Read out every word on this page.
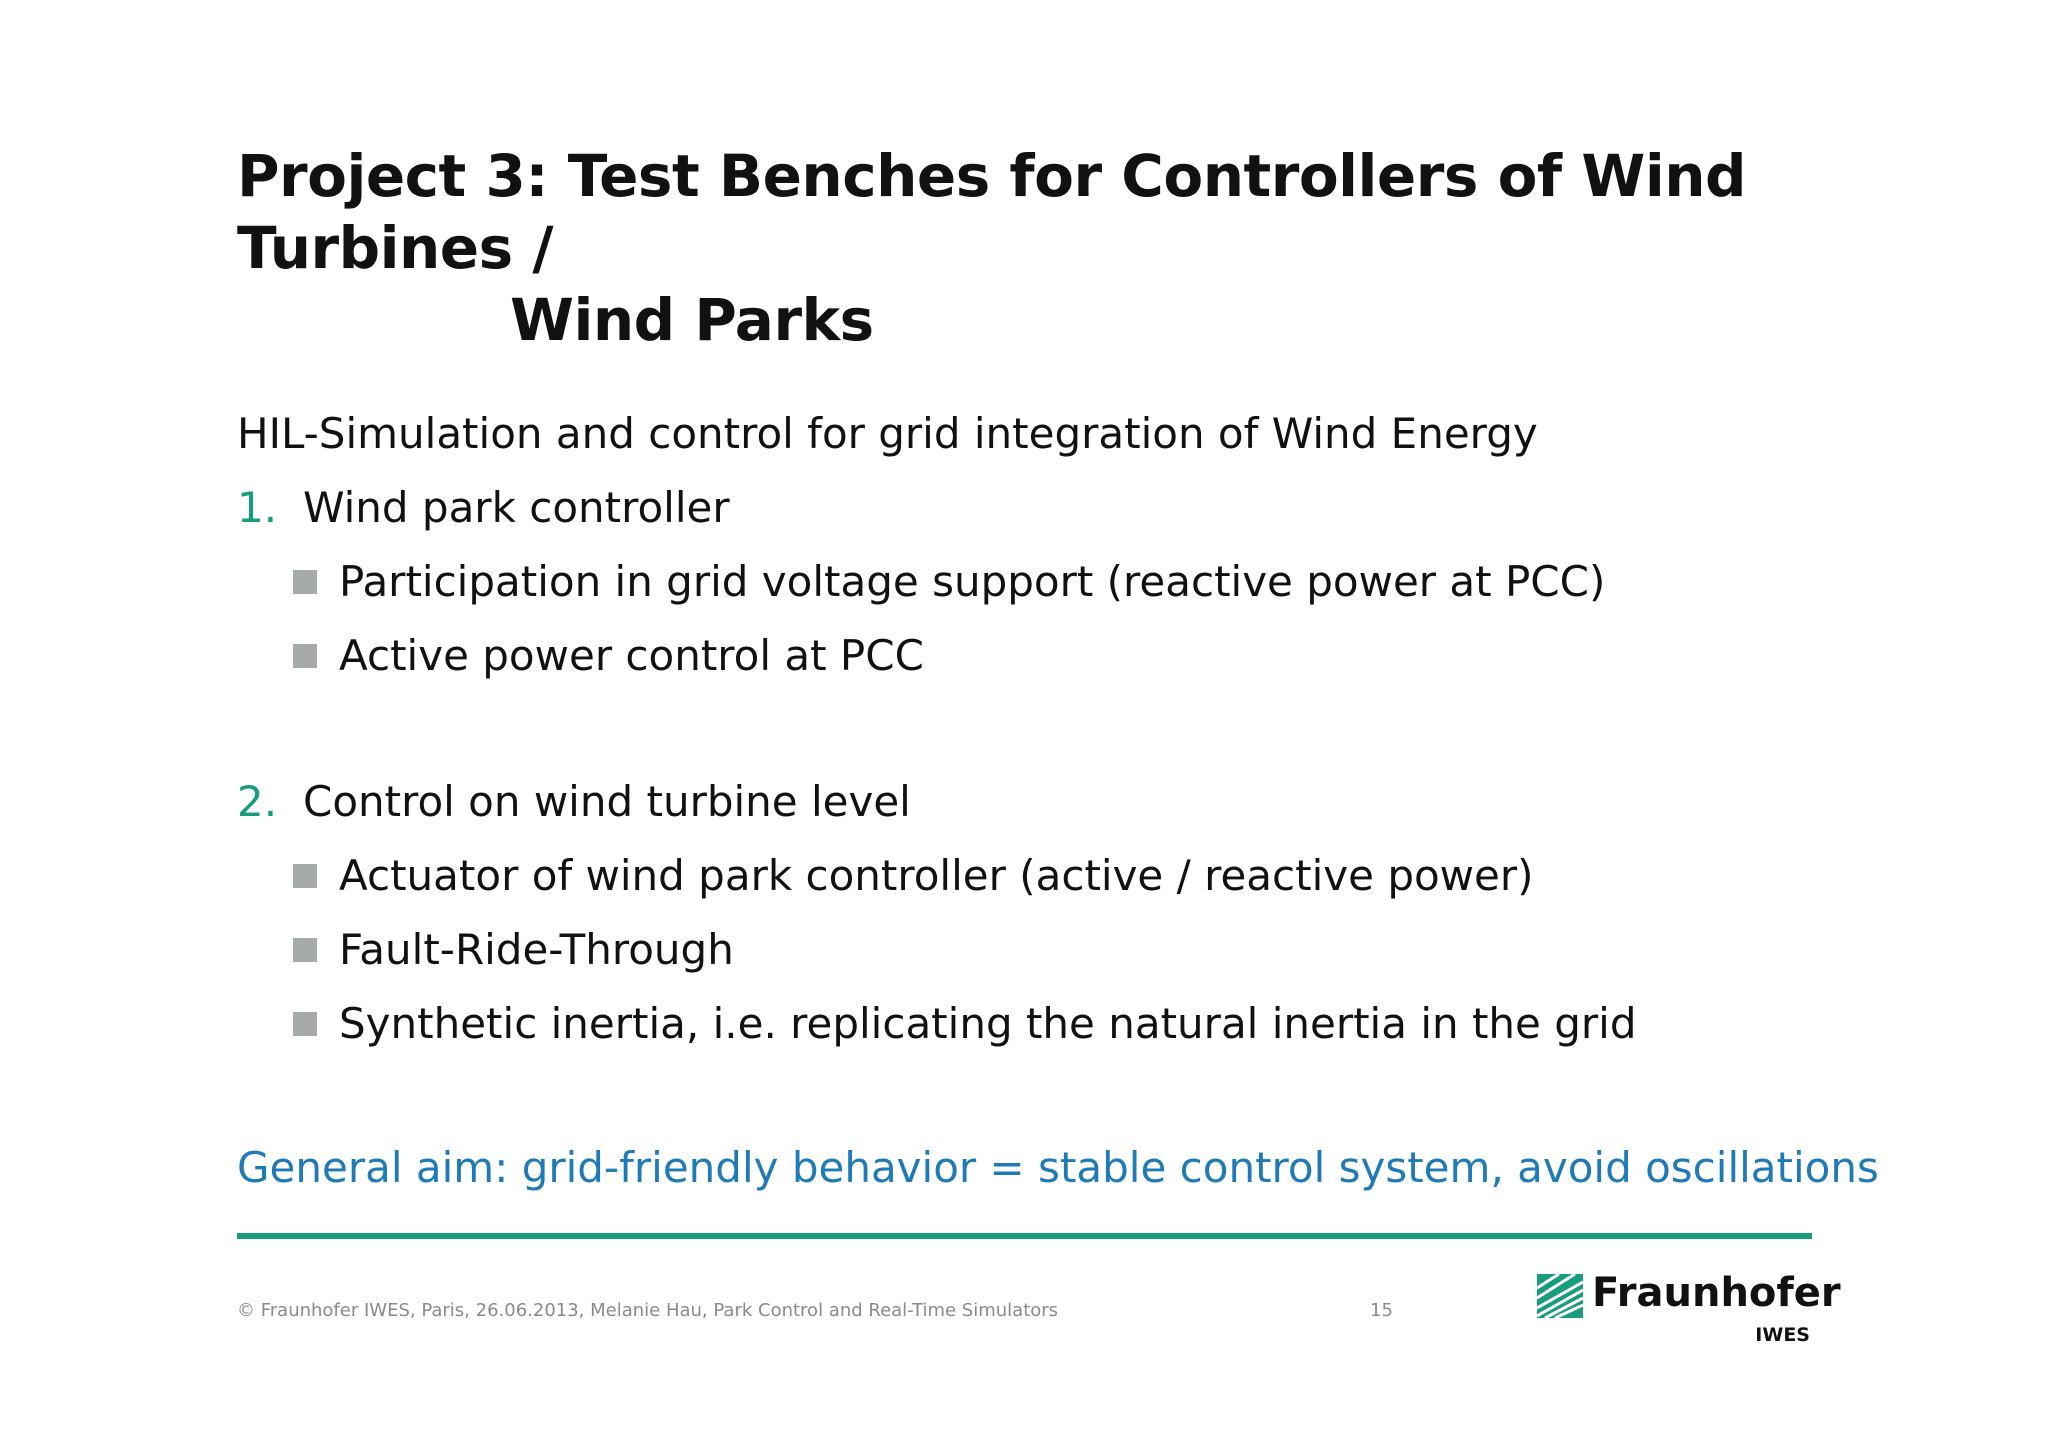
Project 3: Test Benches for Controllers of Wind Turbines /
Wind Parks
HIL-Simulation and control for grid integration of Wind Energy
1. Wind park controller
Participation in grid voltage support (reactive power at PCC)
Active power control at PCC
2. Control on wind turbine level
Actuator of wind park controller (active / reactive power)
Fault-Ride-Through
Synthetic inertia, i.e. replicating the natural inertia in the grid
General aim: grid-friendly behavior = stable control system, avoid oscillations
© Fraunhofer IWES, Paris, 26.06.2013, Melanie Hau, Park Control and Real-Time Simulators	15	Fraunhofer
IWES
